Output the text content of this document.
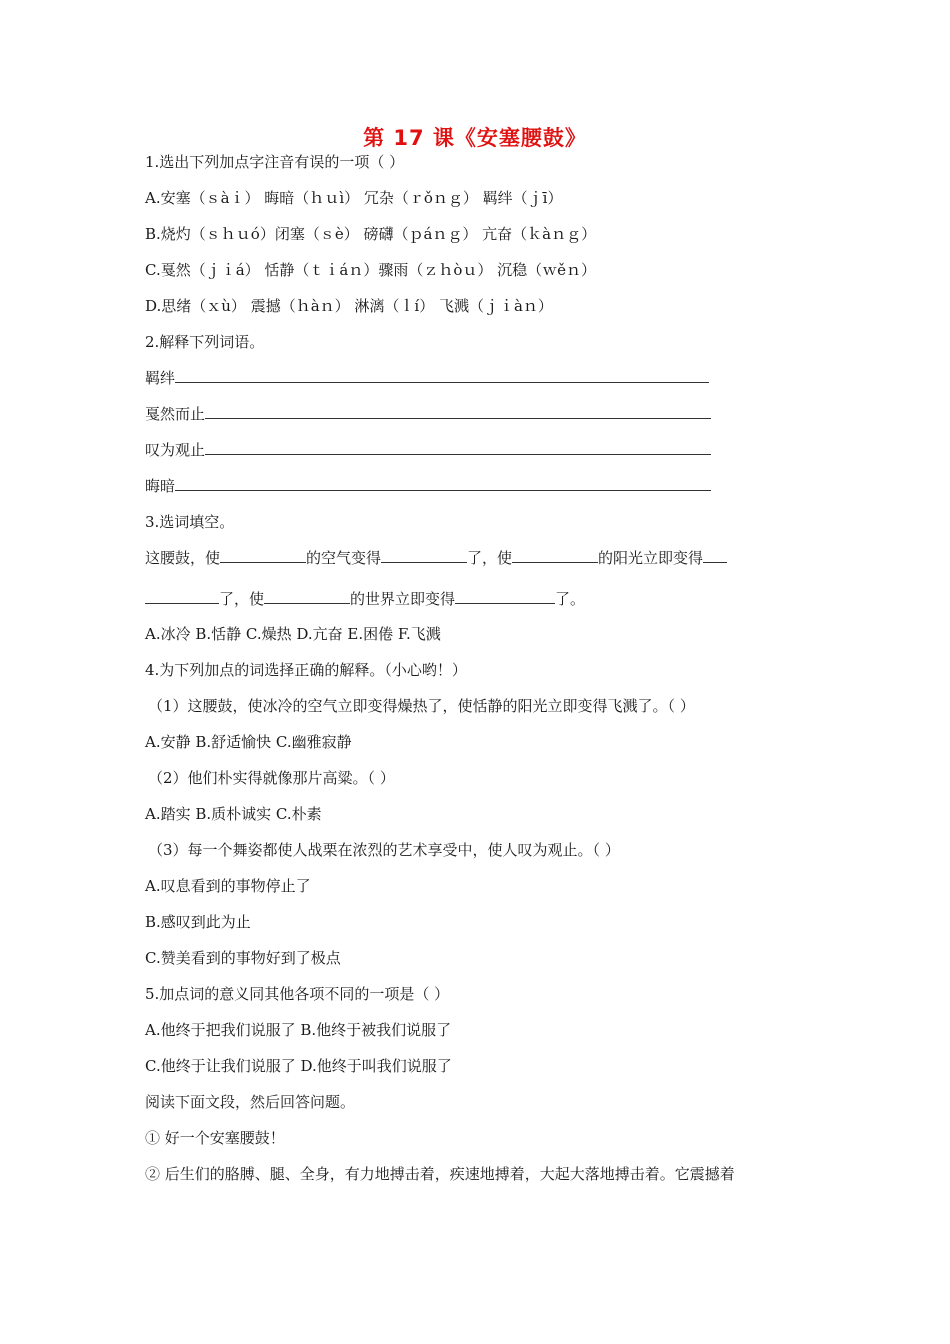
第 17 课《安塞腰鼓》
1.选出下列加点字注音有误的一项（ ）
A.安塞（ｓàｉ） 晦暗（ｈｕì） 冗杂（ｒǒｎｇ） 羁绊（ｊī）
B.烧灼（ｓｈｕó）闭塞（ｓè） 磅礴（ｐáｎｇ） 亢奋（ｋàｎｇ）
C.戛然（ｊｉá） 恬静（ｔｉáｎ）骤雨（ｚｈòｕ） 沉稳（ｗěｎ）
D.思绪（ｘù） 震撼（ｈàｎ） 淋漓（ｌí） 飞溅（ｊｉàｎ）
2.解释下列词语。
羁绊
戛然而止
叹为观止
晦暗
3.选词填空。
这腰鼓，使	的空气变得	了，使	的阳光立即变得
了，使	的世界立即变得	了。
A.冰冷 B.恬静 C.燥热 D.亢奋 E.困倦 F.飞溅
4.为下列加点的词选择正确的解释。（小心哟！）
（1）这腰鼓，使冰冷的空气立即变得燥热了，使恬静的阳光立即变得飞溅了。（ ）
A.安静 B.舒适愉快 C.幽雅寂静
（2）他们朴实得就像那片高粱。（ ）
A.踏实 B.质朴诚实 C.朴素
（3）每一个舞姿都使人战栗在浓烈的艺术享受中，使人叹为观止。（ ）
A.叹息看到的事物停止了
B.感叹到此为止
C.赞美看到的事物好到了极点
5.加点词的意义同其他各项不同的一项是（ ）
A.他终于把我们说服了 B.他终于被我们说服了
C.他终于让我们说服了 D.他终于叫我们说服了
阅读下面文段，然后回答问题。
① 好一个安塞腰鼓！
② 后生们的胳膊、腿、全身，有力地搏击着，疾速地搏着，大起大落地搏击着。它震撼着
